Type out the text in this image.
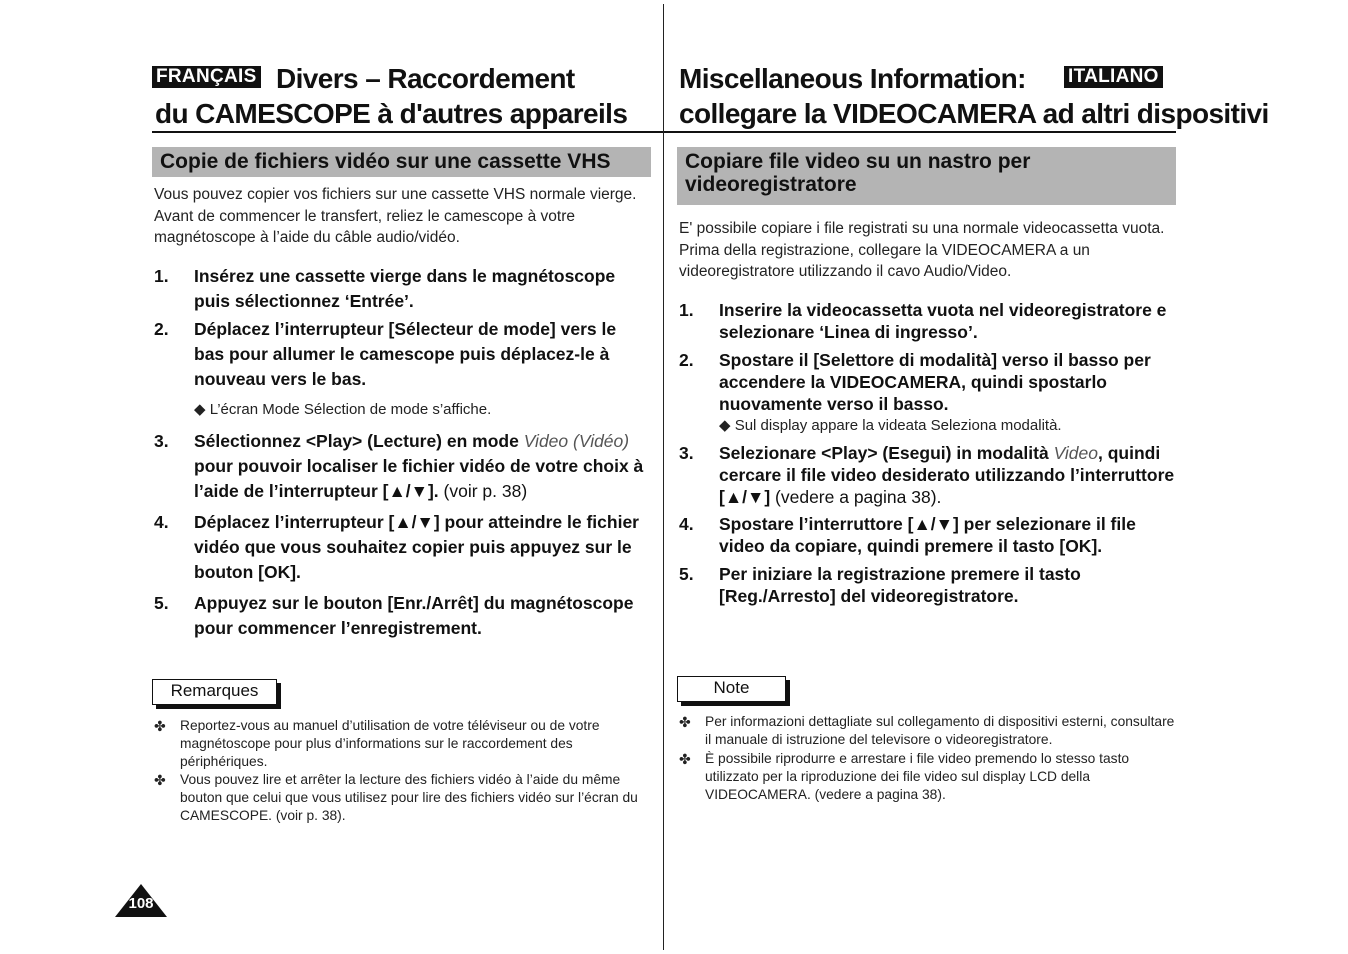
FRANÇAIS Divers – Raccordement
du CAMESCOPE à d'autres appareils
Copie de fichiers vidéo sur une cassette VHS
Vous pouvez copier vos fichiers sur une cassette VHS normale vierge. Avant de commencer le transfert, reliez le camescope à votre magnétoscope à l’aide du câble audio/vidéo.
1. Insérez une cassette vierge dans le magnétoscope puis sélectionnez ‘Entrée’.
2. Déplacez l’interrupteur [Sélecteur de mode] vers le bas pour allumer le camescope puis déplacez-le à nouveau vers le bas.
◆ L’écran Mode Sélection de mode s’affiche.
3. Sélectionnez <Play> (Lecture) en mode Video (Vidéo) pour pouvoir localiser le fichier vidéo de votre choix à l’aide de l’interrupteur [▲/▼]. (voir p. 38)
4. Déplacez l’interrupteur [▲/▼] pour atteindre le fichier vidéo que vous souhaitez copier puis appuyez sur le bouton [OK].
5. Appuyez sur le bouton [Enr./Arrêt] du magnétoscope pour commencer l’enregistrement.
Remarques
✤ Reportez-vous au manuel d’utilisation de votre téléviseur ou de votre magnétoscope pour plus d’informations sur le raccordement des périphériques.
✤ Vous pouvez lire et arrêter la lecture des fichiers vidéo à l’aide du même bouton que celui que vous utilisez pour lire des fichiers vidéo sur l’écran du CAMESCOPE. (voir p. 38).
108
Miscellaneous Information: ITALIANO
collegare la VIDEOCAMERA ad altri dispositivi
Copiare file video su un nastro per videoregistratore
E' possibile copiare i file registrati su una normale videocassetta vuota. Prima della registrazione, collegare la VIDEOCAMERA a un videoregistratore utilizzando il cavo Audio/Video.
1. Inserire la videocassetta vuota nel videoregistratore e selezionare ‘Linea di ingresso’.
2. Spostare il [Selettore di modalità] verso il basso per accendere la VIDEOCAMERA, quindi spostarlo nuovamente verso il basso.
◆ Sul display appare la videata Seleziona modalità.
3. Selezionare <Play> (Esegui) in modalità Video, quindi cercare il file video desiderato utilizzando l’interruttore [▲/▼] (vedere a pagina 38).
4. Spostare l’interruttore [▲/▼] per selezionare il file video da copiare, quindi premere il tasto [OK].
5. Per iniziare la registrazione premere il tasto [Reg./Arresto] del videoregistratore.
Note
✤ Per informazioni dettagliate sul collegamento di dispositivi esterni, consultare il manuale di istruzione del televisore o videoregistratore.
✤ È possibile riprodurre e arrestare i file video premendo lo stesso tasto utilizzato per la riproduzione dei file video sul display LCD della VIDEOCAMERA. (vedere a pagina 38).
